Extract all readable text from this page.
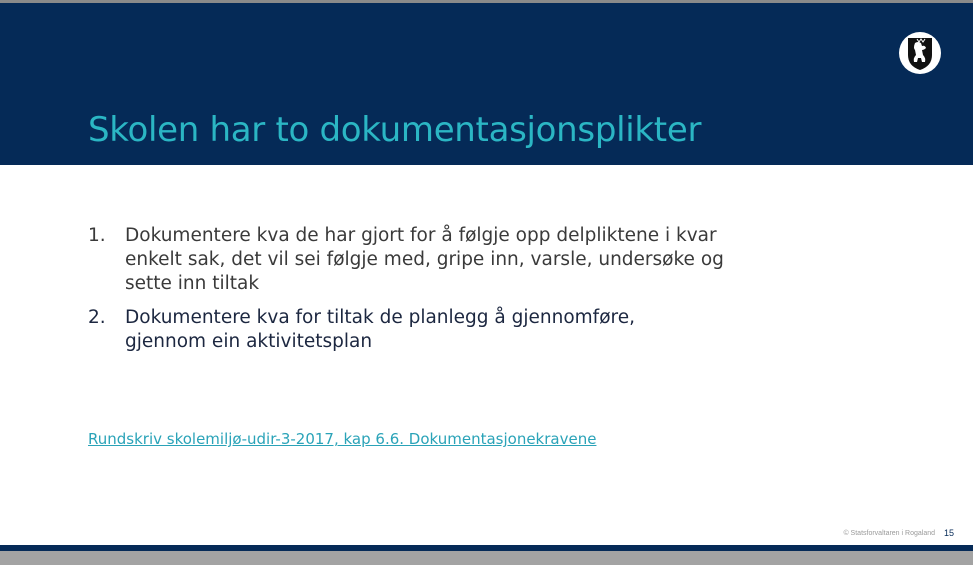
Skolen har to dokumentasjonsplikter
1. Dokumentere kva de har gjort for å følgje opp delpliktene i kvar
enkelt sak, det vil sei følgje med, gripe inn, varsle, undersøke og
sette inn tiltak
2. Dokumentere kva for tiltak de planlegg å gjennomføre,
gjennom ein aktivitetsplan
Rundskriv skolemiljø-udir-3-2017, kap 6.6. Dokumentasjonekravene
© Statsforvaltaren i Rogaland 15
